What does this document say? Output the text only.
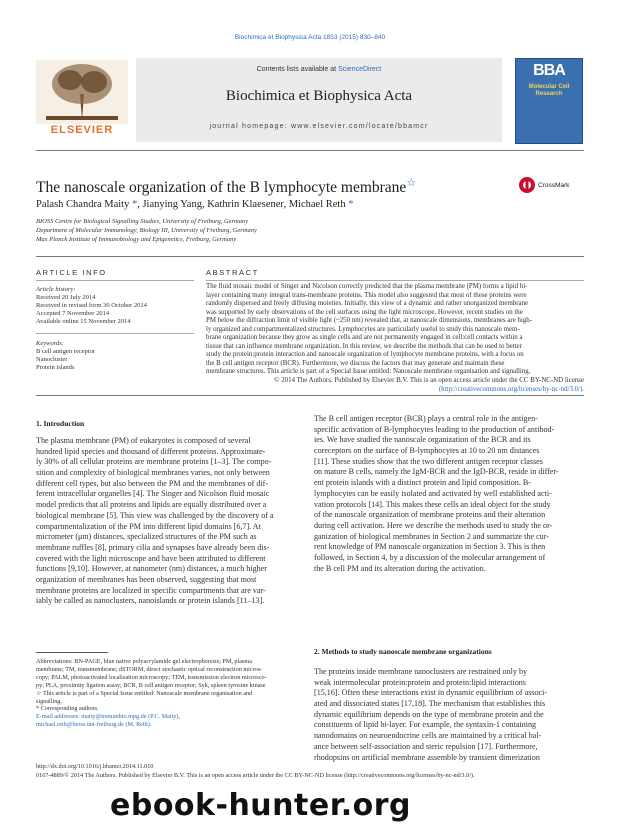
Biochimica et Biophysica Acta 1853 (2015) 830–840
ELSEVIER
Contents lists available at ScienceDirect
Biochimica et Biophysica Acta
journal homepage: www.elsevier.com/locate/bbamcr
BBA
Molecular Cell
Research
The nanoscale organization of the B lymphocyte membrane☆	CrossMark
Palash Chandra Maity *, Jianying Yang, Kathrin Klaesener, Michael Reth *
BIOSS Centre for Biological Signalling Studies, University of Freiburg, Germany
Department of Molecular Immunology, Biology III, University of Freiburg, Germany
Max Planck Institute of Immunobiology and Epigenetics, Freiburg, Germany
ARTICLE INFO
Article history:
Received 20 July 2014
Received in revised form 30 October 2014
Accepted 7 November 2014
Available online 15 November 2014
Keywords:
B cell antigen receptor
Nanocluster
Protein islands
ABSTRACT
The fluid mosaic model of Singer and Nicolson correctly predicted that the plasma membrane (PM) forms a lipid bi-
layer containing many integral trans-membrane proteins. This model also suggested that most of these proteins were
randomly dispersed and freely diffusing moieties. Initially, this view of a dynamic and rather unorganized membrane
was supported by early observations of the cell surfaces using the light microscope. However, recent studies on the
PM below the diffraction limit of visible light (~250 nm) revealed that, at nanoscale dimensions, membranes are high-
ly organized and compartmentalized structures. Lymphocytes are particularly useful to study this nanoscale mem-
brane organization because they grow as single cells and are not permanently engaged in cell:cell contacts within a
tissue that can influence membrane organization. In this review, we describe the methods that can be used to better
study the protein:protein interaction and nanoscale organization of lymphocyte membrane proteins, with a focus on
the B cell antigen receptor (BCR). Furthermore, we discuss the factors that may generate and maintain these
membrane structures. This article is part of a Special Issue entitled: Nanoscale membrane organisation and signalling.
© 2014 The Authors. Published by Elsevier B.V. This is an open access article under the CC BY-NC-ND license
(http://creativecommons.org/licenses/by-nc-nd/3.0/).
1. Introduction
The plasma membrane (PM) of eukaryotes is composed of several
hundred lipid species and thousand of different proteins. Approximate-
ly 30% of all cellular proteins are membrane proteins [1–3]. The compo-
sition and complexity of biological membranes varies, not only between
different cell types, but also between the PM and the membranes of dif-
ferent intracellular organelles [4]. The Singer and Nicolson fluid mosaic
model predicts that all proteins and lipids are equally distributed over a
biological membrane [5]. This view was challenged by the discovery of a
compartmentalization of the PM into different lipid domains [6,7]. At
micrometer (μm) distances, specialized structures of the PM such as
membrane ruffles [8], primary cilia and synapses have already been dis-
covered with the light microscope and have been attributed to different
functions [9,10]. However, at nanometer (nm) distances, a much higher
organization of membranes has been observed, suggesting that most
membrane proteins are localized in specific compartments that are var-
iably be called as nanoclusters, nanoislands or protein islands [11–13].
The B cell antigen receptor (BCR) plays a central role in the antigen-
specific activation of B-lymphocytes leading to the production of antibod-
ies. We have studied the nanoscale organization of the BCR and its
coreceptors on the surface of B-lymphocytes at 10 to 20 nm distances
[11]. These studies show that the two different antigen receptor classes
on mature B cells, namely the IgM-BCR and the IgD-BCR, reside in differ-
ent protein islands with a distinct protein and lipid composition. B-
lymphocytes can be easily isolated and activated by well established acti-
vation protocols [14]. This makes these cells an ideal object for the study
of the nanoscale organization of membrane proteins and their alteration
during cell activation. Here we describe the methods used to study the or-
ganization of biological membranes in Section 2 and summarize the cur-
rent knowledge of PM nanoscale organization in Section 3. This is then
followed, in Section 4, by a discussion of the molecular arrangement of
the B cell PM and its alteration during the activation.
2. Methods to study nanoscale membrane organizations
The proteins inside membrane nanoclusters are restrained only by
weak intermolecular protein:protein and protein:lipid interactions
[15,16]. Often these interactions exist in dynamic equilibrium of associ-
ated and dissociated states [17,18]. The mechanism that establishes this
dynamic equilibrium depends on the type of membrane protein and the
constituents of lipid bi-layer. For example, the syntaxin-1 containing
nanodomains on neuroendocrine cells are maintained by a critical bal-
ance between self-association and steric repulsion [17]. Furthermore,
rhodopsins on artificial membrane assemble by transient dimerization
Abbreviations: BN-PAGE, blue native polyacrylamide gel electrophoresis; PM, plasma
membrane; TM, transmembrane; dSTORM, direct stochastic optical reconstruction micros-
copy; PALM, photoactivated localization microscopy; TEM, transmission electron microsco-
py; PLA, proximity ligation assay; BCR, B cell antigen receptor; Syk, spleen tyrosine kinase
☆ This article is part of a Special Issue entitled: Nanoscale membrane organisation and
signalling.
* Corresponding authors.
E-mail addresses: maity@immunbio.mpg.de (P.C. Maity),
michael.reth@bioss.uni-freiburg.de (M. Reth).
http://dx.doi.org/10.1016/j.bbamcr.2014.11.010
0167-4889/© 2014 The Authors. Published by Elsevier B.V. This is an open access article under the CC BY-NC-ND license (http://creativecommons.org/licenses/by-nc-nd/3.0/).
ebook-hunter.org
